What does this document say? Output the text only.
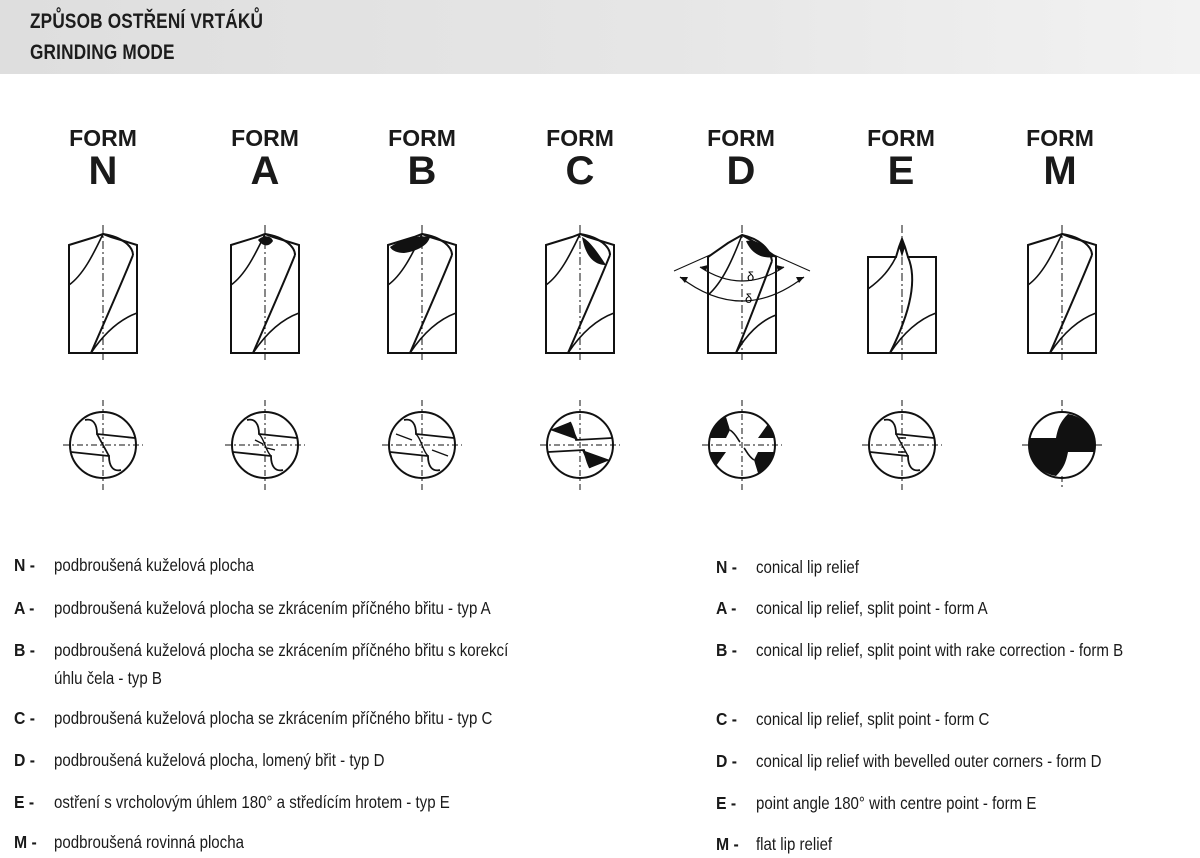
ZPŮSOB OSTŘENÍ VRTÁKŮ
GRINDING MODE
FORM
N
FORM
A
FORM
B
FORM
C
FORM
D
FORM
E
FORM
M
δ
δ
N - podbroušená kuželová plocha
A - podbroušená kuželová plocha se zkrácením příčného břitu - typ A
B - podbroušená kuželová plocha se zkrácením příčného břitu s korekcí
úhlu čela - typ B
C - podbroušená kuželová plocha se zkrácením příčného břitu - typ C
D - podbroušená kuželová plocha, lomený břit - typ D
E - ostření s vrcholovým úhlem 180° a středícím hrotem - typ E
M - podbroušená rovinná plocha
N - conical lip relief
A - conical lip relief, split point - form A
B - conical lip relief, split point with rake correction - form B
C - conical lip relief, split point - form C
D - conical lip relief with bevelled outer corners - form D
E - point angle 180° with centre point - form E
M - flat lip relief
